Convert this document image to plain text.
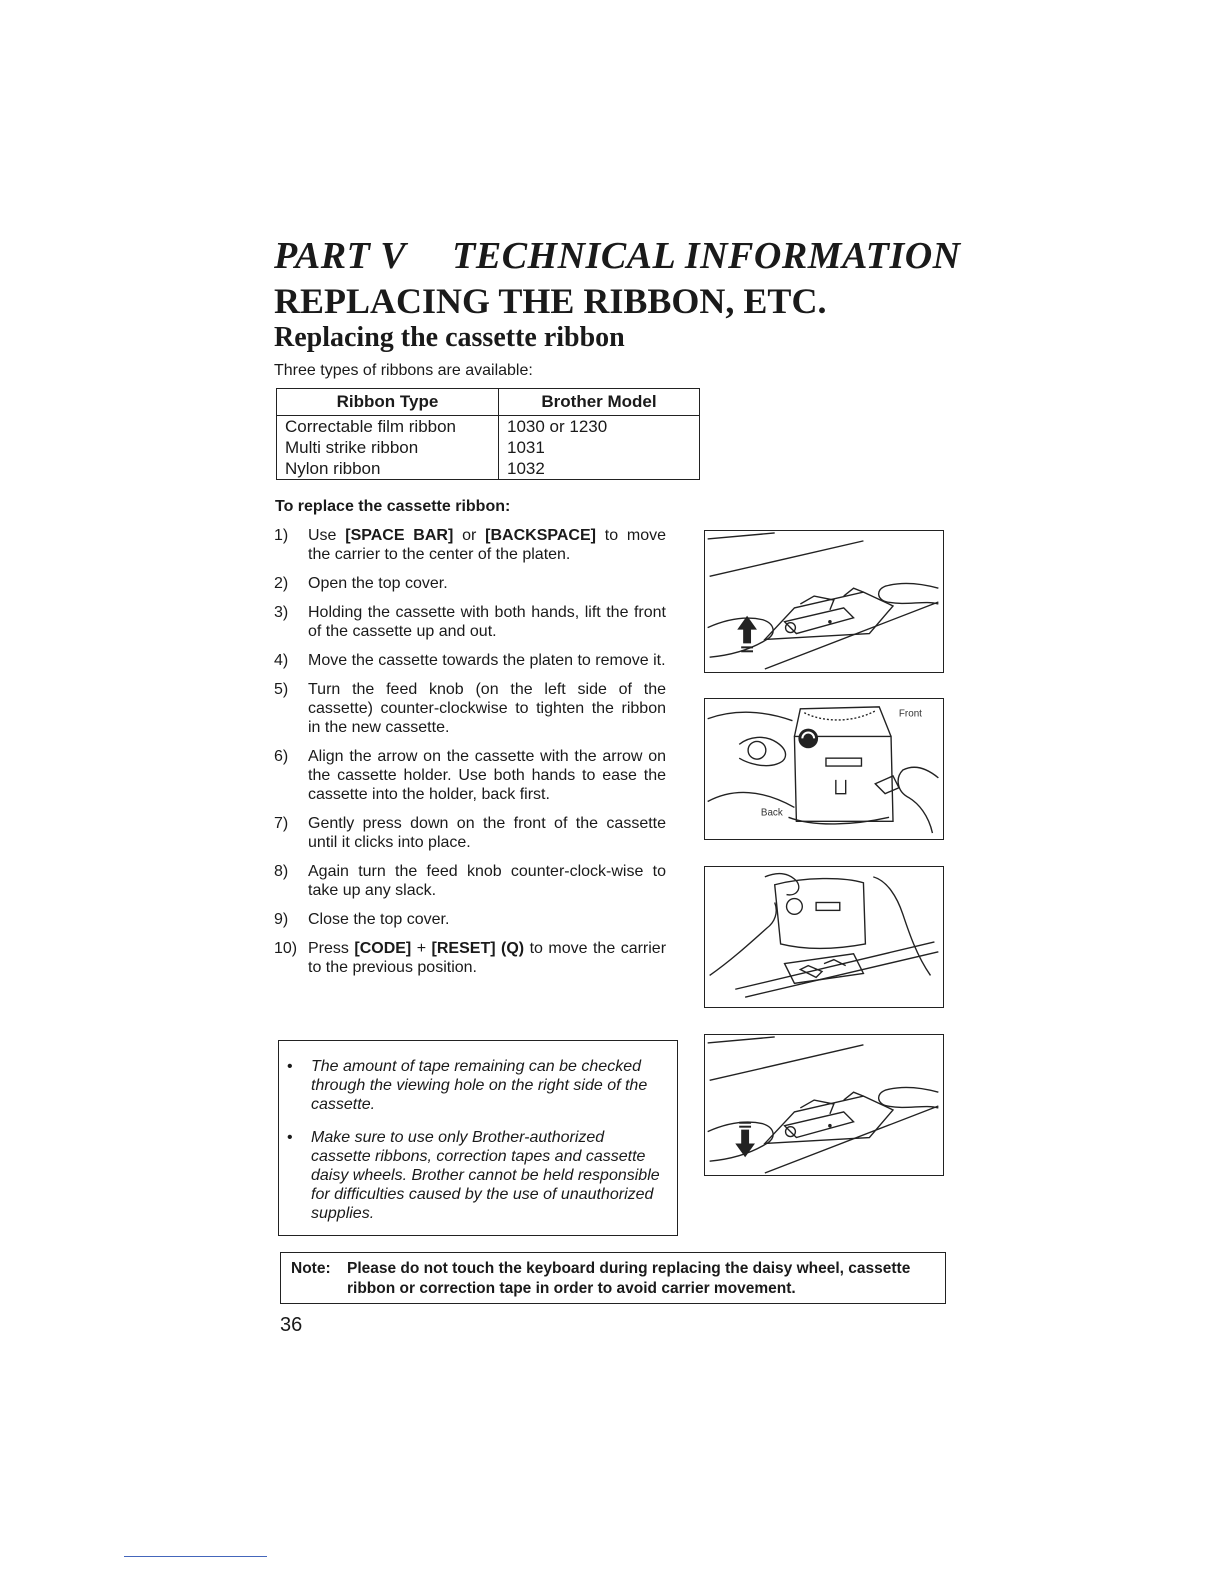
PART V TECHNICAL INFORMATION
REPLACING THE RIBBON, ETC.
Replacing the cassette ribbon
Three types of ribbons are available:
Ribbon Type	Brother Model
Correctable film ribbon	1030 or 1230
Multi strike ribbon	1031
Nylon ribbon	1032
To replace the cassette ribbon:
1)	Use [SPACE BAR] or [BACKSPACE] to move the carrier to the center of the platen.
2)	Open the top cover.
3)	Holding the cassette with both hands, lift the front of the cassette up and out.
4)	Move the cassette towards the platen to remove it.
5)	Turn the feed knob (on the left side of the cassette) counter-clockwise to tighten the ribbon in the new cassette.
6)	Align the arrow on the cassette with the arrow on the cassette holder. Use both hands to ease the cassette into the holder, back first.
7)	Gently press down on the front of the cassette until it clicks into place.
8)	Again turn the feed knob counter-clock-wise to take up any slack.
9)	Close the top cover.
10) Press [CODE] + [RESET] (Q) to move the carrier to the previous position.
•	The amount of tape remaining can be checked through the viewing hole on the right side of the cassette.
•	Make sure to use only Brother-authorized cassette ribbons, correction tapes and cassette daisy wheels. Brother cannot be held responsible for difficulties caused by the use of unauthorized supplies.
Front
Back
Note:	Please do not touch the keyboard during replacing the daisy wheel, cassette ribbon or correction tape in order to avoid carrier movement.
36
